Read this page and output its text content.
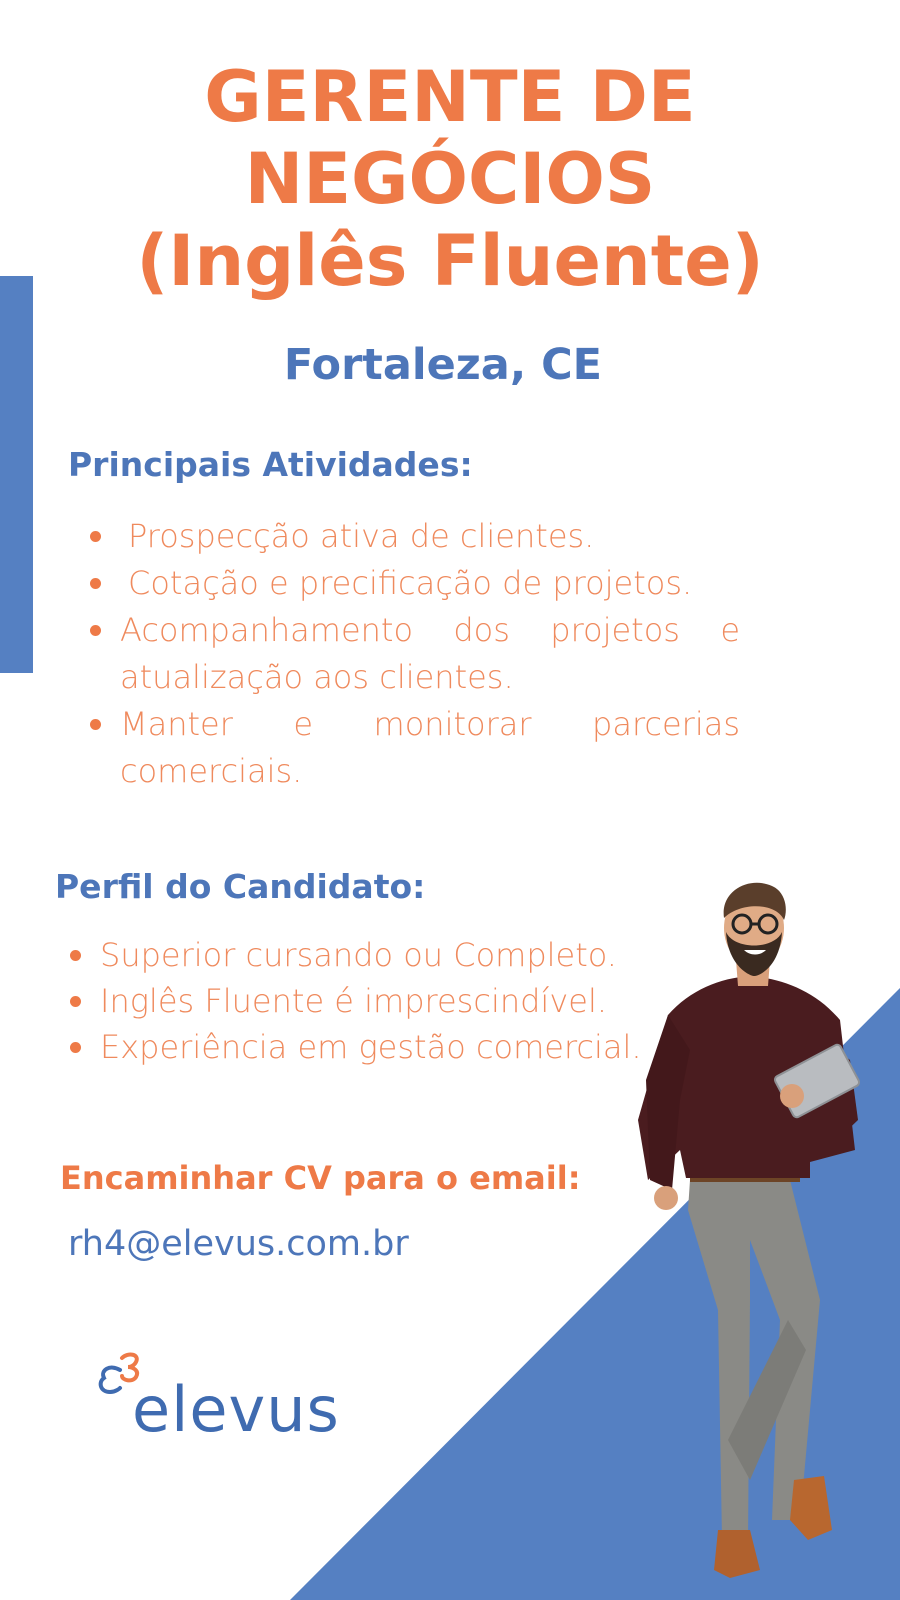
GERENTE DE
NEGÓCIOS
(Inglês Fluente)
Fortaleza, CE
Principais Atividades:
Prospecção ativa de clientes.
Cotação e precificação de projetos.
Acompanhamento dos projetos e atualização aos clientes.
Manter e monitorar parcerias comerciais.
Perfil do Candidato:
Superior cursando ou Completo.
Inglês Fluente é imprescindível.
Experiência em gestão comercial.
Encaminhar CV para o email:
rh4@elevus.com.br
elevus
